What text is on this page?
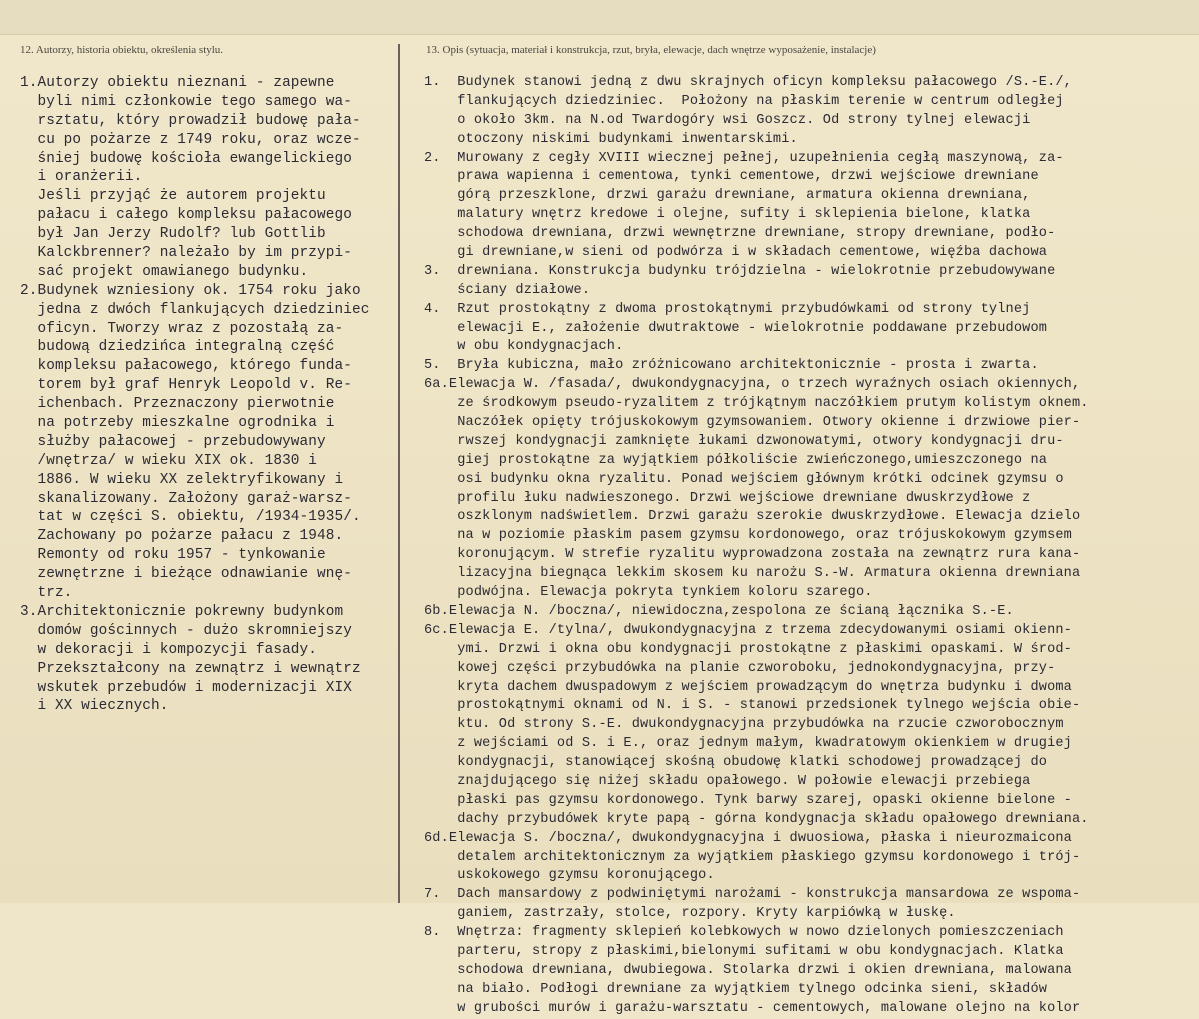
12. Autorzy, historia obiektu, określenia stylu.	13. Opis (sytuacja, materiał i konstrukcja, rzut, bryła, elewacje, dach wnętrze wyposażenie, instalacje)

1.Autorzy obiektu nieznani - zapewne
byli nimi członkowie tego samego wa-
rsztatu, który prowadził budowę pała-
cu po pożarze z 1749 roku, oraz wcze-
śniej budowę kościoła ewangelickiego
i oranżerii.
Jeśli przyjąć że autorem projektu
pałacu i całego kompleksu pałacowego
był Jan Jerzy Rudolf? lub Gottlib
Kalckbrenner? należało by im przypi-
sać projekt omawianego budynku.
2.Budynek wzniesiony ok. 1754 roku jako
jedna z dwóch flankujących dziedziniec
oficyn. Tworzy wraz z pozostałą za-
budową dziedzińca integralną część
kompleksu pałacowego, którego funda-
torem był graf Henryk Leopold v. Re-
ichenbach. Przeznaczony pierwotnie
na potrzeby mieszkalne ogrodnika i
służby pałacowej - przebudowywany
/wnętrza/ w wieku XIX ok. 1830 i
1886. W wieku XX zelektryfikowany i
skanalizowany. Założony garaż-warsz-
tat w części S. obiektu, /1934-1935/.
Zachowany po pożarze pałacu z 1948.
Remonty od roku 1957 - tynkowanie
zewnętrzne i bieżące odnawianie wnę-
trz.
3.Architektonicznie pokrewny budynkom
domów gościnnych - dużo skromniejszy
w dekoracji i kompozycji fasady.
Przekształcony na zewnątrz i wewnątrz
wskutek przebudów i modernizacji XIX
i XX wiecznych.
1.  Budynek stanowi jedną z dwu skrajnych oficyn kompleksu pałacowego /S.-E./,
flankujących dziedziniec.  Położony na płaskim terenie w centrum odległej
o około 3km. na N.od Twardogóry wsi Goszcz. Od strony tylnej elewacji
otoczony niskimi budynkami inwentarskimi.
2.  Murowany z cegły XVIII wiecznej pełnej, uzupełnienia cegłą maszynową, za-
prawa wapienna i cementowa, tynki cementowe, drzwi wejściowe drewniane
górą przeszklone, drzwi garażu drewniane, armatura okienna drewniana,
malatury wnętrz kredowe i olejne, sufity i sklepienia bielone, klatka
schodowa drewniana, drzwi wewnętrzne drewniane, stropy drewniane, podło-
gi drewniane,w sieni od podwórza i w składach cementowe, więźba dachowa
3.  drewniana. Konstrukcja budynku trójdzielna - wielokrotnie przebudowywane
ściany działowe.
4.  Rzut prostokątny z dwoma prostokątnymi przybudówkami od strony tylnej
elewacji E., założenie dwutraktowe - wielokrotnie poddawane przebudowom
w obu kondygnacjach.
5.  Bryła kubiczna, mało zróżnicowano architektonicznie - prosta i zwarta.
6a.Elewacja W. /fasada/, dwukondygnacyjna, o trzech wyraźnych osiach okiennych,
ze środkowym pseudo-ryzalitem z trójkątnym naczółkiem prutym kolistym oknem.
Naczółek opięty trójuskokowym gzymsowaniem. Otwory okienne i drzwiowe pier-
rwszej kondygnacji zamknięte łukami dzwonowatymi, otwory kondygnacji dru-
giej prostokątne za wyjątkiem półkoliście zwieńczonego,umieszczonego na
osi budynku okna ryzalitu. Ponad wejściem głównym krótki odcinek gzymsu o
profilu łuku nadwieszonego. Drzwi wejściowe drewniane dwuskrzydłowe z
oszklonym nadświetlem. Drzwi garażu szerokie dwuskrzydłowe. Elewacja dzielo
na w poziomie płaskim pasem gzymsu kordonowego, oraz trójuskokowym gzymsem
koronującym. W strefie ryzalitu wyprowadzona została na zewnątrz rura kana-
lizacyjna biegnąca lekkim skosem ku narożu S.-W. Armatura okienna drewniana
podwójna. Elewacja pokryta tynkiem koloru szarego.
6b.Elewacja N. /boczna/, niewidoczna,zespolona ze ścianą łącznika S.-E.
6c.Elewacja E. /tylna/, dwukondygnacyjna z trzema zdecydowanymi osiami okienn-
ymi. Drzwi i okna obu kondygnacji prostokątne z płaskimi opaskami. W środ-
kowej części przybudówka na planie czworoboku, jednokondygnacyjna, przy-
kryta dachem dwuspadowym z wejściem prowadzącym do wnętrza budynku i dwoma
prostokątnymi oknami od N. i S. - stanowi przedsionek tylnego wejścia obie-
ktu. Od strony S.-E. dwukondygnacyjna przybudówka na rzucie czworobocznym
z wejściami od S. i E., oraz jednym małym, kwadratowym okienkiem w drugiej
kondygnacji, stanowiącej skośną obudowę klatki schodowej prowadzącej do
znajdującego się niżej składu opałowego. W połowie elewacji przebiega
płaski pas gzymsu kordonowego. Tynk barwy szarej, opaski okienne bielone -
dachy przybudówek kryte papą - górna kondygnacja składu opałowego drewniana.
6d.Elewacja S. /boczna/, dwukondygnacyjna i dwuosiowa, płaska i nieurozmaicona
detalem architektonicznym za wyjątkiem płaskiego gzymsu kordonowego i trój-
uskokowego gzymsu koronującego.
7.  Dach mansardowy z podwiniętymi narożami - konstrukcja mansardowa ze wspoma-
ganiem, zastrzały, stolce, rozpory. Kryty karpiówką w łuskę.
8.  Wnętrza: fragmenty sklepień kolebkowych w nowo dzielonych pomieszczeniach
parteru, stropy z płaskimi,bielonymi sufitami w obu kondygnacjach. Klatka
schodowa drewniana, dwubiegowa. Stolarka drzwi i okien drewniana, malowana
na biało. Podłogi drewniane za wyjątkiem tylnego odcinka sieni, składów
w grubości murów i garażu-warsztatu - cementowych, malowane olejno na kolor
